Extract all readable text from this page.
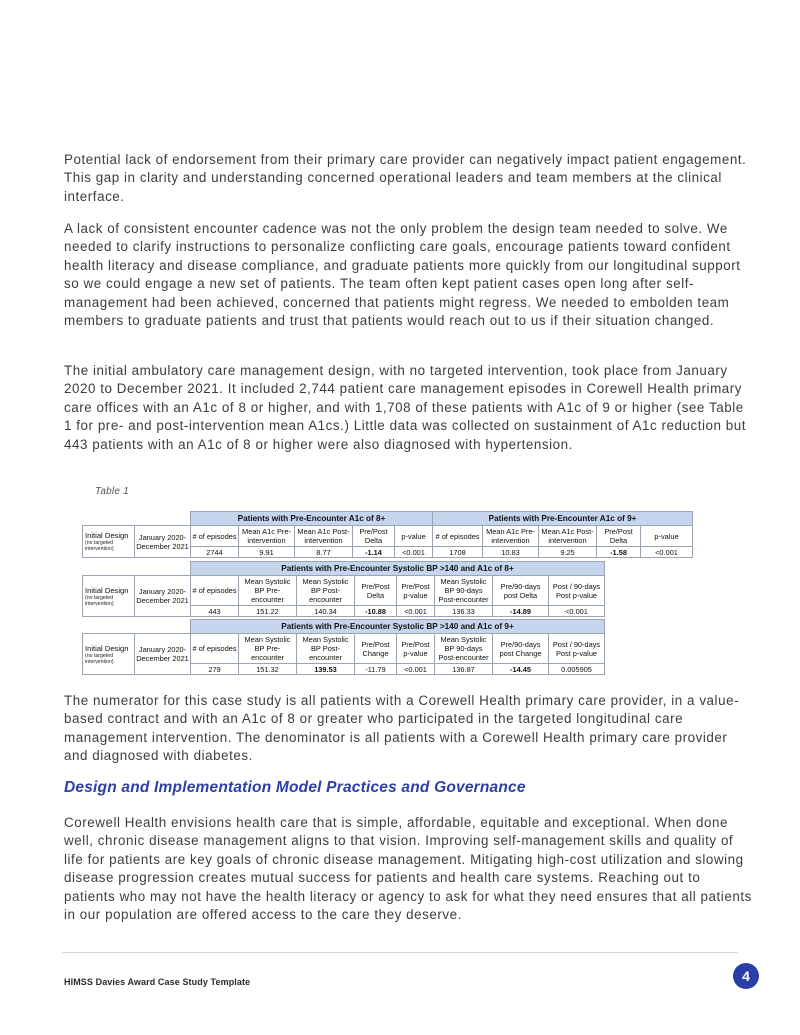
Potential lack of endorsement from their primary care provider can negatively impact patient engagement. This gap in clarity and understanding concerned operational leaders and team members at the clinical interface.

A lack of consistent encounter cadence was not the only problem the design team needed to solve. We needed to clarify instructions to personalize conflicting care goals, encourage patients toward confident health literacy and disease compliance, and graduate patients more quickly from our longitudinal support so we could engage a new set of patients. The team often kept patient cases open long after self-management had been achieved, concerned that patients might regress. We needed to embolden team members to graduate patients and trust that patients would reach out to us if their situation changed.

The initial ambulatory care management design, with no targeted intervention, took place from January 2020 to December 2021. It included 2,744 patient care management episodes in Corewell Health primary care offices with an A1c of 8 or higher, and with 1,708 of these patients with A1c of 9 or higher (see Table 1 for pre- and post-intervention mean A1cs.) Little data was collected on sustainment of A1c reduction but 443 patients with an A1c of 8 or higher were also diagnosed with hypertension.

Table 1
		Patients with Pre-Encounter A1c of 8+					Patients with Pre-Encounter A1c of 9+				

Initial Design
(no targeted intervention)	January 2020-December 2021	# of episodes	Mean A1c Pre-intervention	Mean A1c Post-intervention	Pre/Post Delta	p-value	# of episodes	Mean A1c Pre-intervention	Mean A1c Post-intervention	Pre/Post Delta	p-value
		2744	9.91	8.77	-1.14	<0.001	1708	10.83	9.25	-1.58	<0.001
		Patients with Pre-Encounter Systolic BP >140 and A1c of 8+							

Initial Design
(no targeted intervention)	January 2020-December 2021	# of episodes	Mean Systolic BP Pre-encounter	Mean Systolic BP Post-encounter	Pre/Post Delta	Pre/Post p-value	Mean Systolic BP 90-days Post-encounter	Pre/90-days post Delta	Post / 90-days Post p-value
		443	151.22	140.34	-10.88	<0.001	136.33	-14.89	<0.001
		Patients with Pre-Encounter Systolic BP >140 and A1c of 9+							

Initial Design
(no targeted intervention)	January 2020-December 2021	# of episodes	Mean Systolic BP Pre-encounter	Mean Systolic BP Post-encounter	Pre/Post Change	Pre/Post p-value	Mean Systolic BP 90-days Post-encounter	Pre/90-days post Change	Post / 90-days Post p-value
		279	151.32	139.53	-11.79	<0.001	136.87	-14.45	0.005905

The numerator for this case study is all patients with a Corewell Health primary care provider, in a value-based contract and with an A1c of 8 or greater who participated in the targeted longitudinal care management intervention. The denominator is all patients with a Corewell Health primary care provider and diagnosed with diabetes.

Design and Implementation Model Practices and Governance

Corewell Health envisions health care that is simple, affordable, equitable and exceptional. When done well, chronic disease management aligns to that vision. Improving self-management skills and quality of life for patients are key goals of chronic disease management. Mitigating high-cost utilization and slowing disease progression creates mutual success for patients and health care systems. Reaching out to patients who may not have the health literacy or agency to ask for what they need ensures that all patients in our population are offered access to the care they deserve.

HIMSS Davies Award Case Study Template	4
